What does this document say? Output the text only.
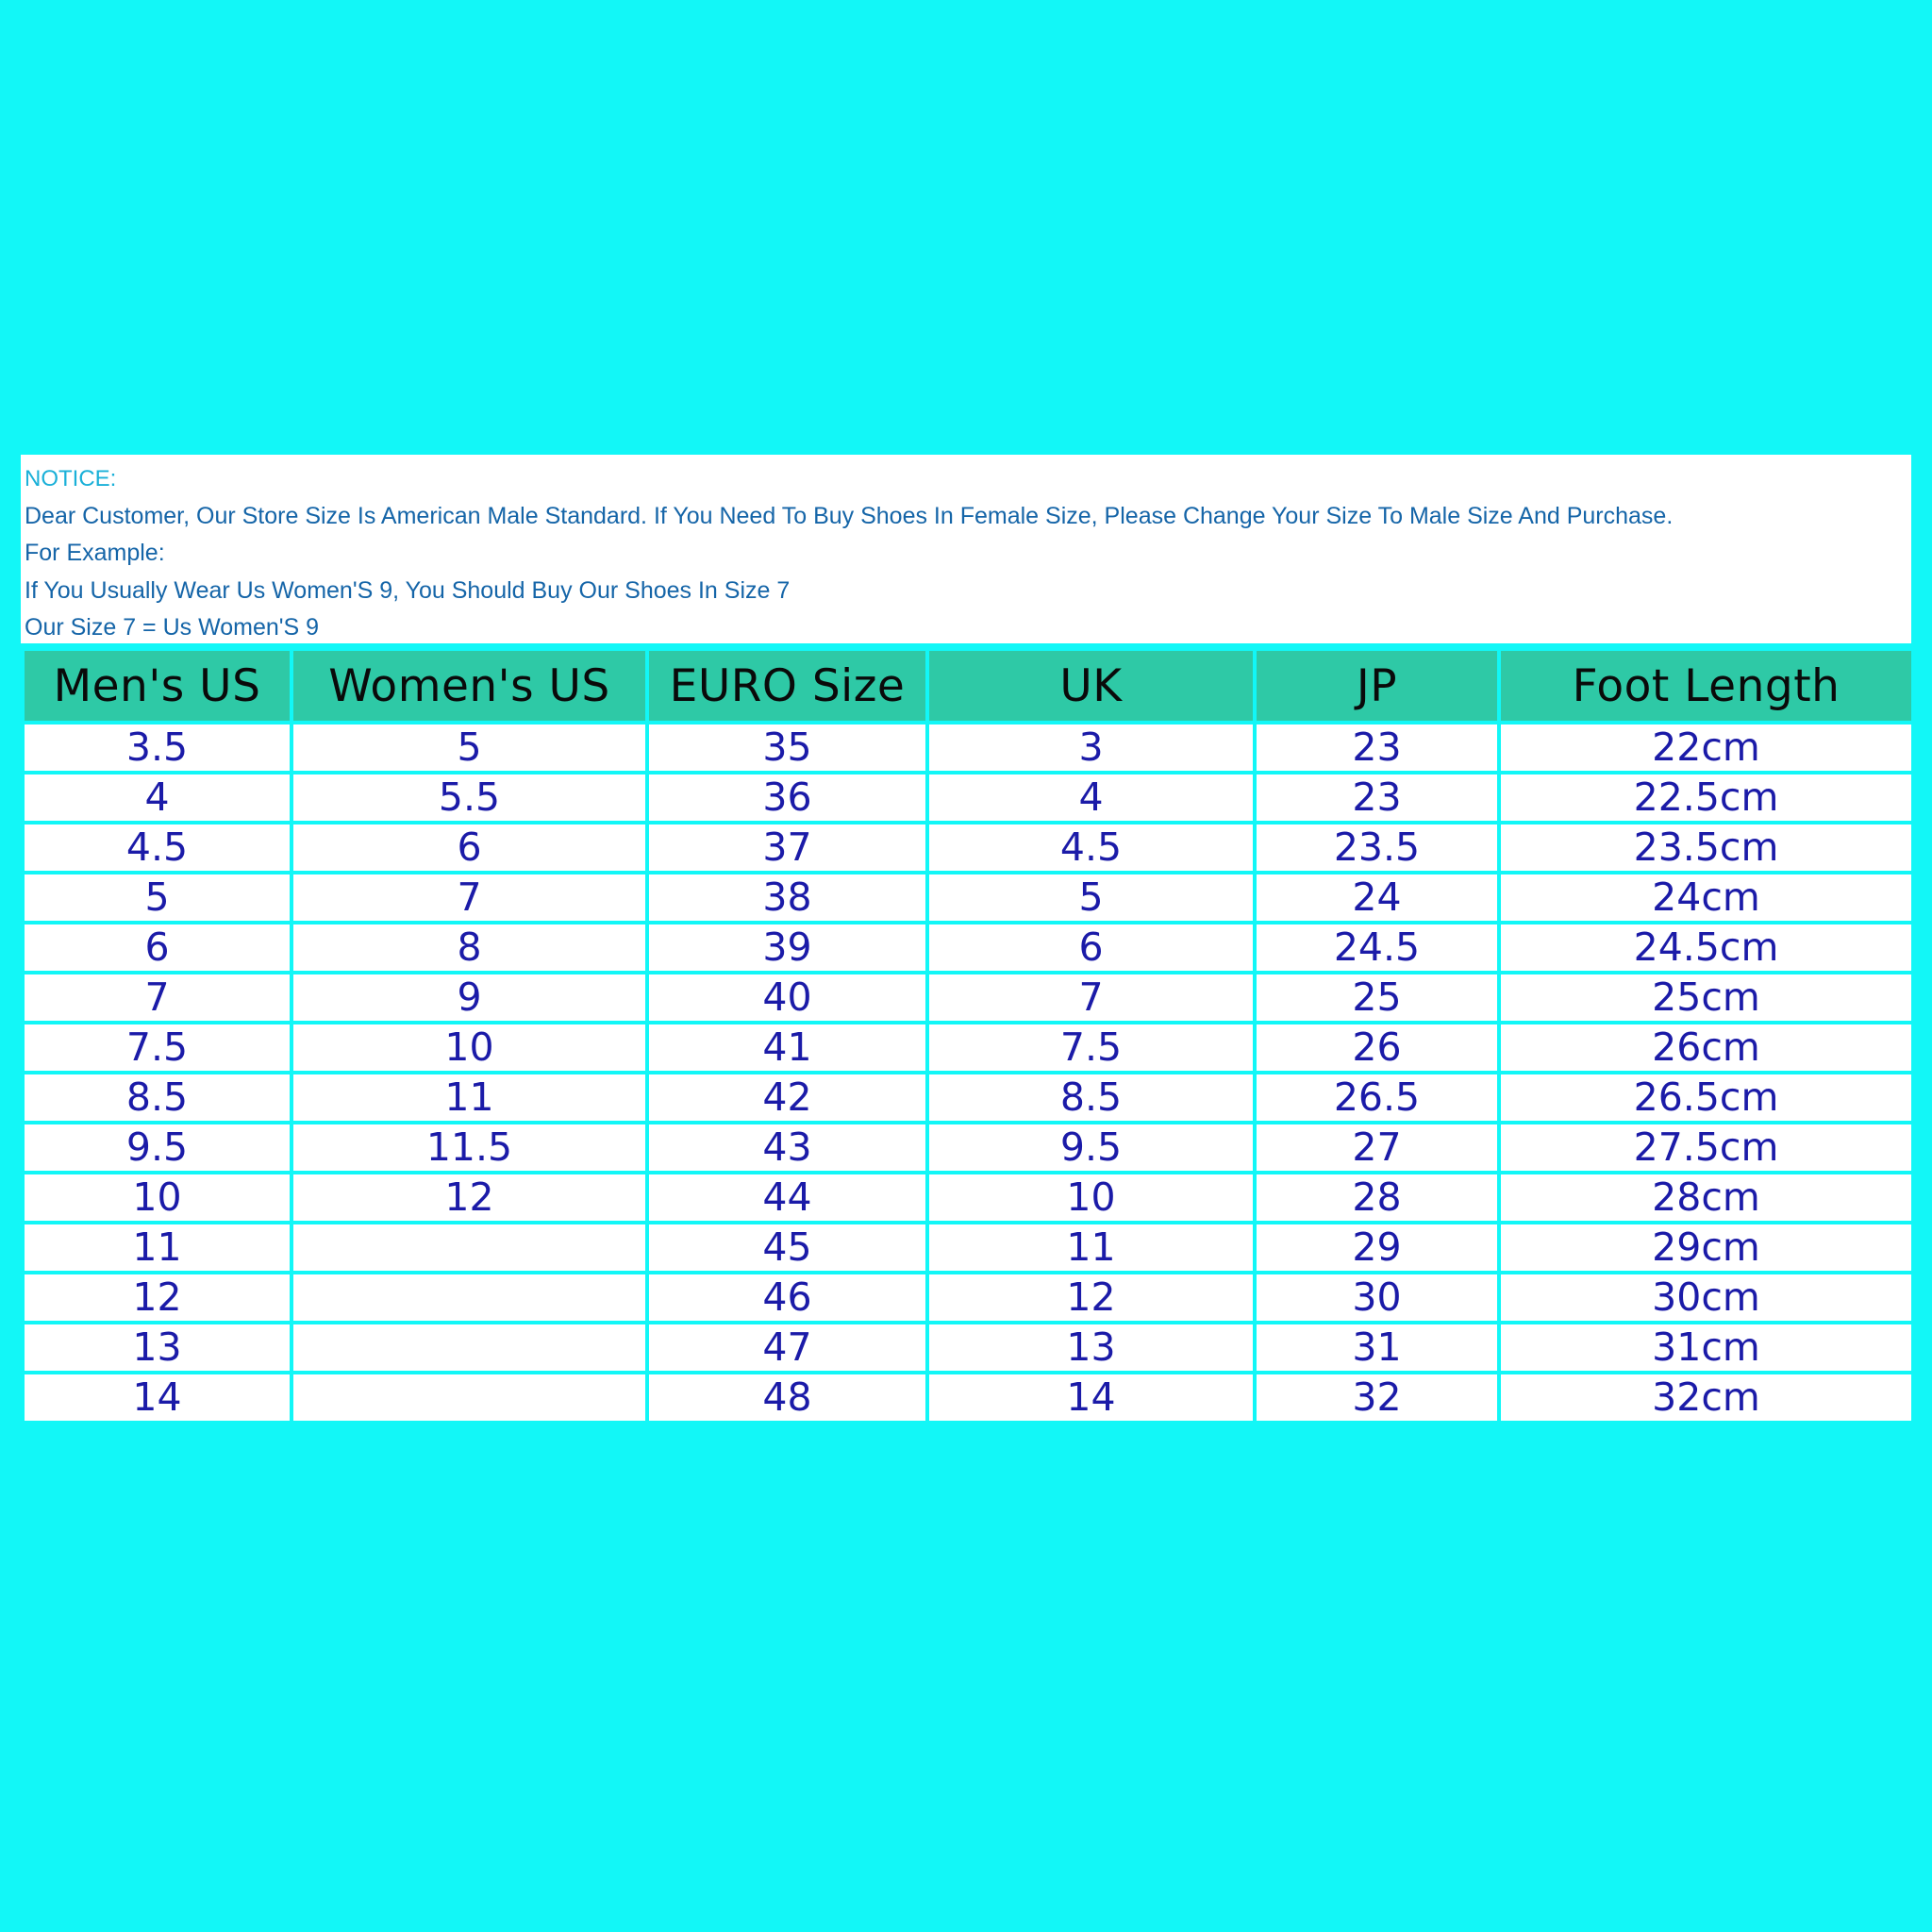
NOTICE:
Dear Customer, Our Store Size Is American Male Standard. If You Need To Buy Shoes In Female Size, Please Change Your Size To Male Size And Purchase.
For Example:
If You Usually Wear Us Women'S 9, You Should Buy Our Shoes In Size 7
Our Size 7 = Us Women'S 9
Men's US	Women's US	EURO Size	UK	JP	Foot Length
3.5	5	35	3	23	22cm
4	5.5	36	4	23	22.5cm
4.5	6	37	4.5	23.5	23.5cm
5	7	38	5	24	24cm
6	8	39	6	24.5	24.5cm
7	9	40	7	25	25cm
7.5	10	41	7.5	26	26cm
8.5	11	42	8.5	26.5	26.5cm
9.5	11.5	43	9.5	27	27.5cm
10	12	44	10	28	28cm
11		45	11	29	29cm
12		46	12	30	30cm
13		47	13	31	31cm
14		48	14	32	32cm
